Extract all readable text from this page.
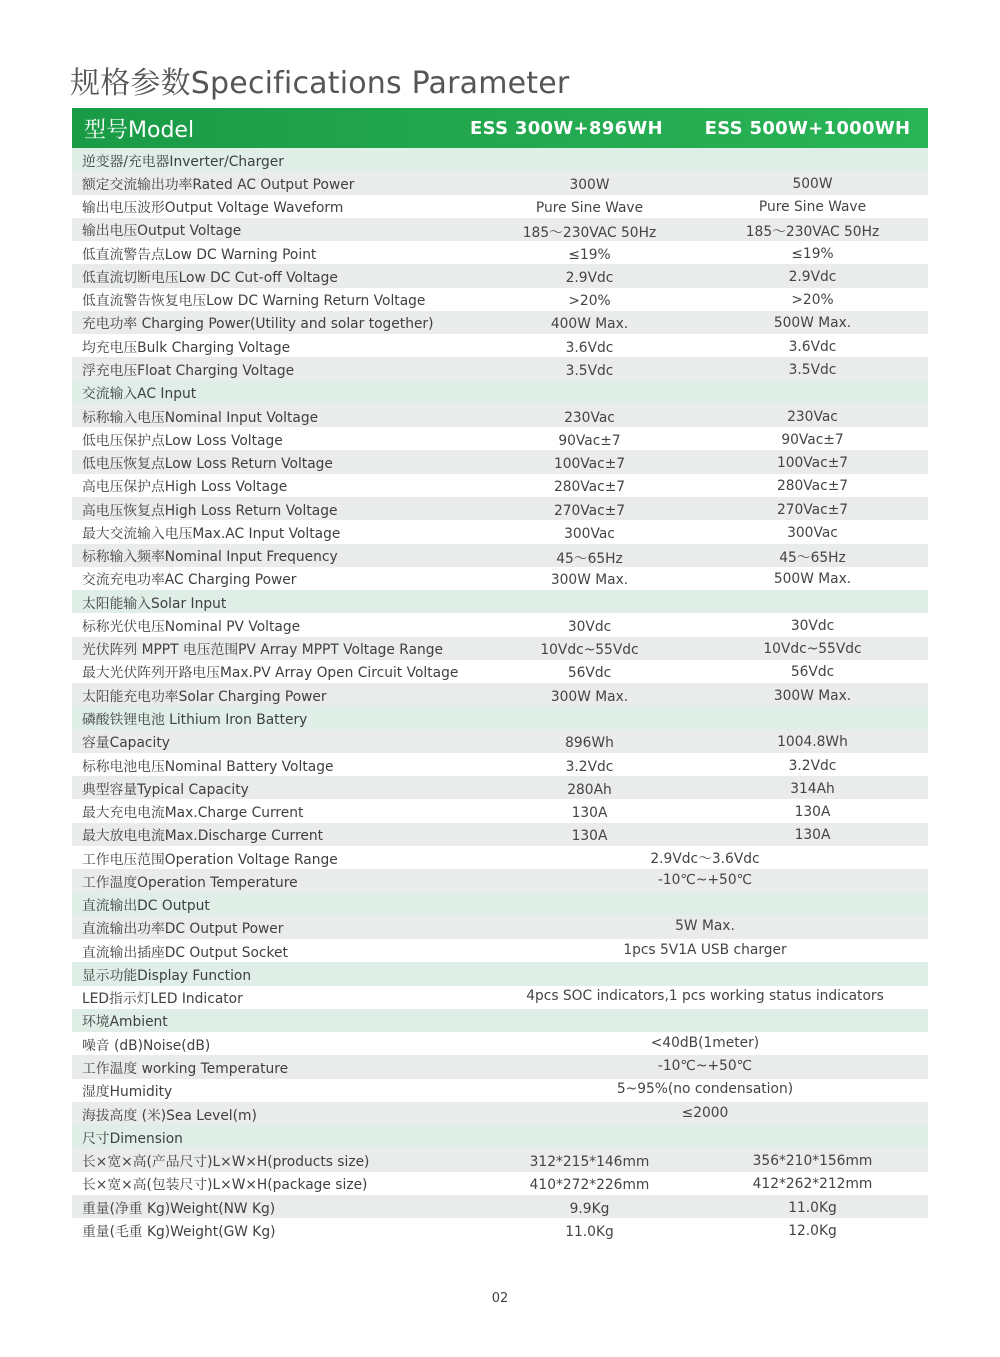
规格参数Specifications Parameter
型号Model	ESS 300W+896WH	ESS 500W+1000WH
逆变器/充电器Inverter/Charger
额定交流输出功率Rated AC Output Power	300W	500W
输出电压波形Output Voltage Waveform	Pure Sine Wave	Pure Sine Wave
输出电压Output Voltage	185～230VAC 50Hz	185～230VAC 50Hz
低直流警告点Low DC Warning Point	≤19%	≤19%
低直流切断电压Low DC Cut-off Voltage	2.9Vdc	2.9Vdc
低直流警告恢复电压Low DC Warning Return Voltage	>20%	>20%
充电功率 Charging Power(Utility and solar together)	400W Max.	500W Max.
均充电压Bulk Charging Voltage	3.6Vdc	3.6Vdc
浮充电压Float Charging Voltage	3.5Vdc	3.5Vdc
交流输入AC Input
标称输入电压Nominal Input Voltage	230Vac	230Vac
低电压保护点Low Loss Voltage	90Vac±7	90Vac±7
低电压恢复点Low Loss Return Voltage	100Vac±7	100Vac±7
高电压保护点High Loss Voltage	280Vac±7	280Vac±7
高电压恢复点High Loss Return Voltage	270Vac±7	270Vac±7
最大交流输入电压Max.AC Input Voltage	300Vac	300Vac
标称输入频率Nominal Input Frequency	45～65Hz	45～65Hz
交流充电功率AC Charging Power	300W Max.	500W Max.
太阳能输入Solar Input
标称光伏电压Nominal PV Voltage	30Vdc	30Vdc
光伏阵列 MPPT 电压范围PV Array MPPT Voltage Range	10Vdc~55Vdc	10Vdc~55Vdc
最大光伏阵列开路电压Max.PV Array Open Circuit Voltage	56Vdc	56Vdc
太阳能充电功率Solar Charging Power	300W Max.	300W Max.
磷酸铁锂电池 Lithium Iron Battery
容量Capacity	896Wh	1004.8Wh
标称电池电压Nominal Battery Voltage	3.2Vdc	3.2Vdc
典型容量Typical Capacity	280Ah	314Ah
最大充电电流Max.Charge Current	130A	130A
最大放电电流Max.Discharge Current	130A	130A
工作电压范围Operation Voltage Range	2.9Vdc～3.6Vdc
工作温度Operation Temperature	-10℃~+50℃
直流输出DC Output
直流输出功率DC Output Power	5W Max.
直流输出插座DC Output Socket	1pcs 5V1A USB charger
显示功能Display Function
LED指示灯LED Indicator	4pcs SOC indicators,1 pcs working status indicators
环境Ambient
噪音 (dB)Noise(dB)	<40dB(1meter)
工作温度 working Temperature	-10℃~+50℃
湿度Humidity	5~95%(no condensation)
海拔高度 (米)Sea Level(m)	≤2000
尺寸Dimension
长×宽×高(产品尺寸)L×W×H(products size)	312*215*146mm	356*210*156mm
长×宽×高(包装尺寸)L×W×H(package size)	410*272*226mm	412*262*212mm
重量(净重 Kg)Weight(NW Kg)	9.9Kg	11.0Kg
重量(毛重 Kg)Weight(GW Kg)	11.0Kg	12.0Kg
02
